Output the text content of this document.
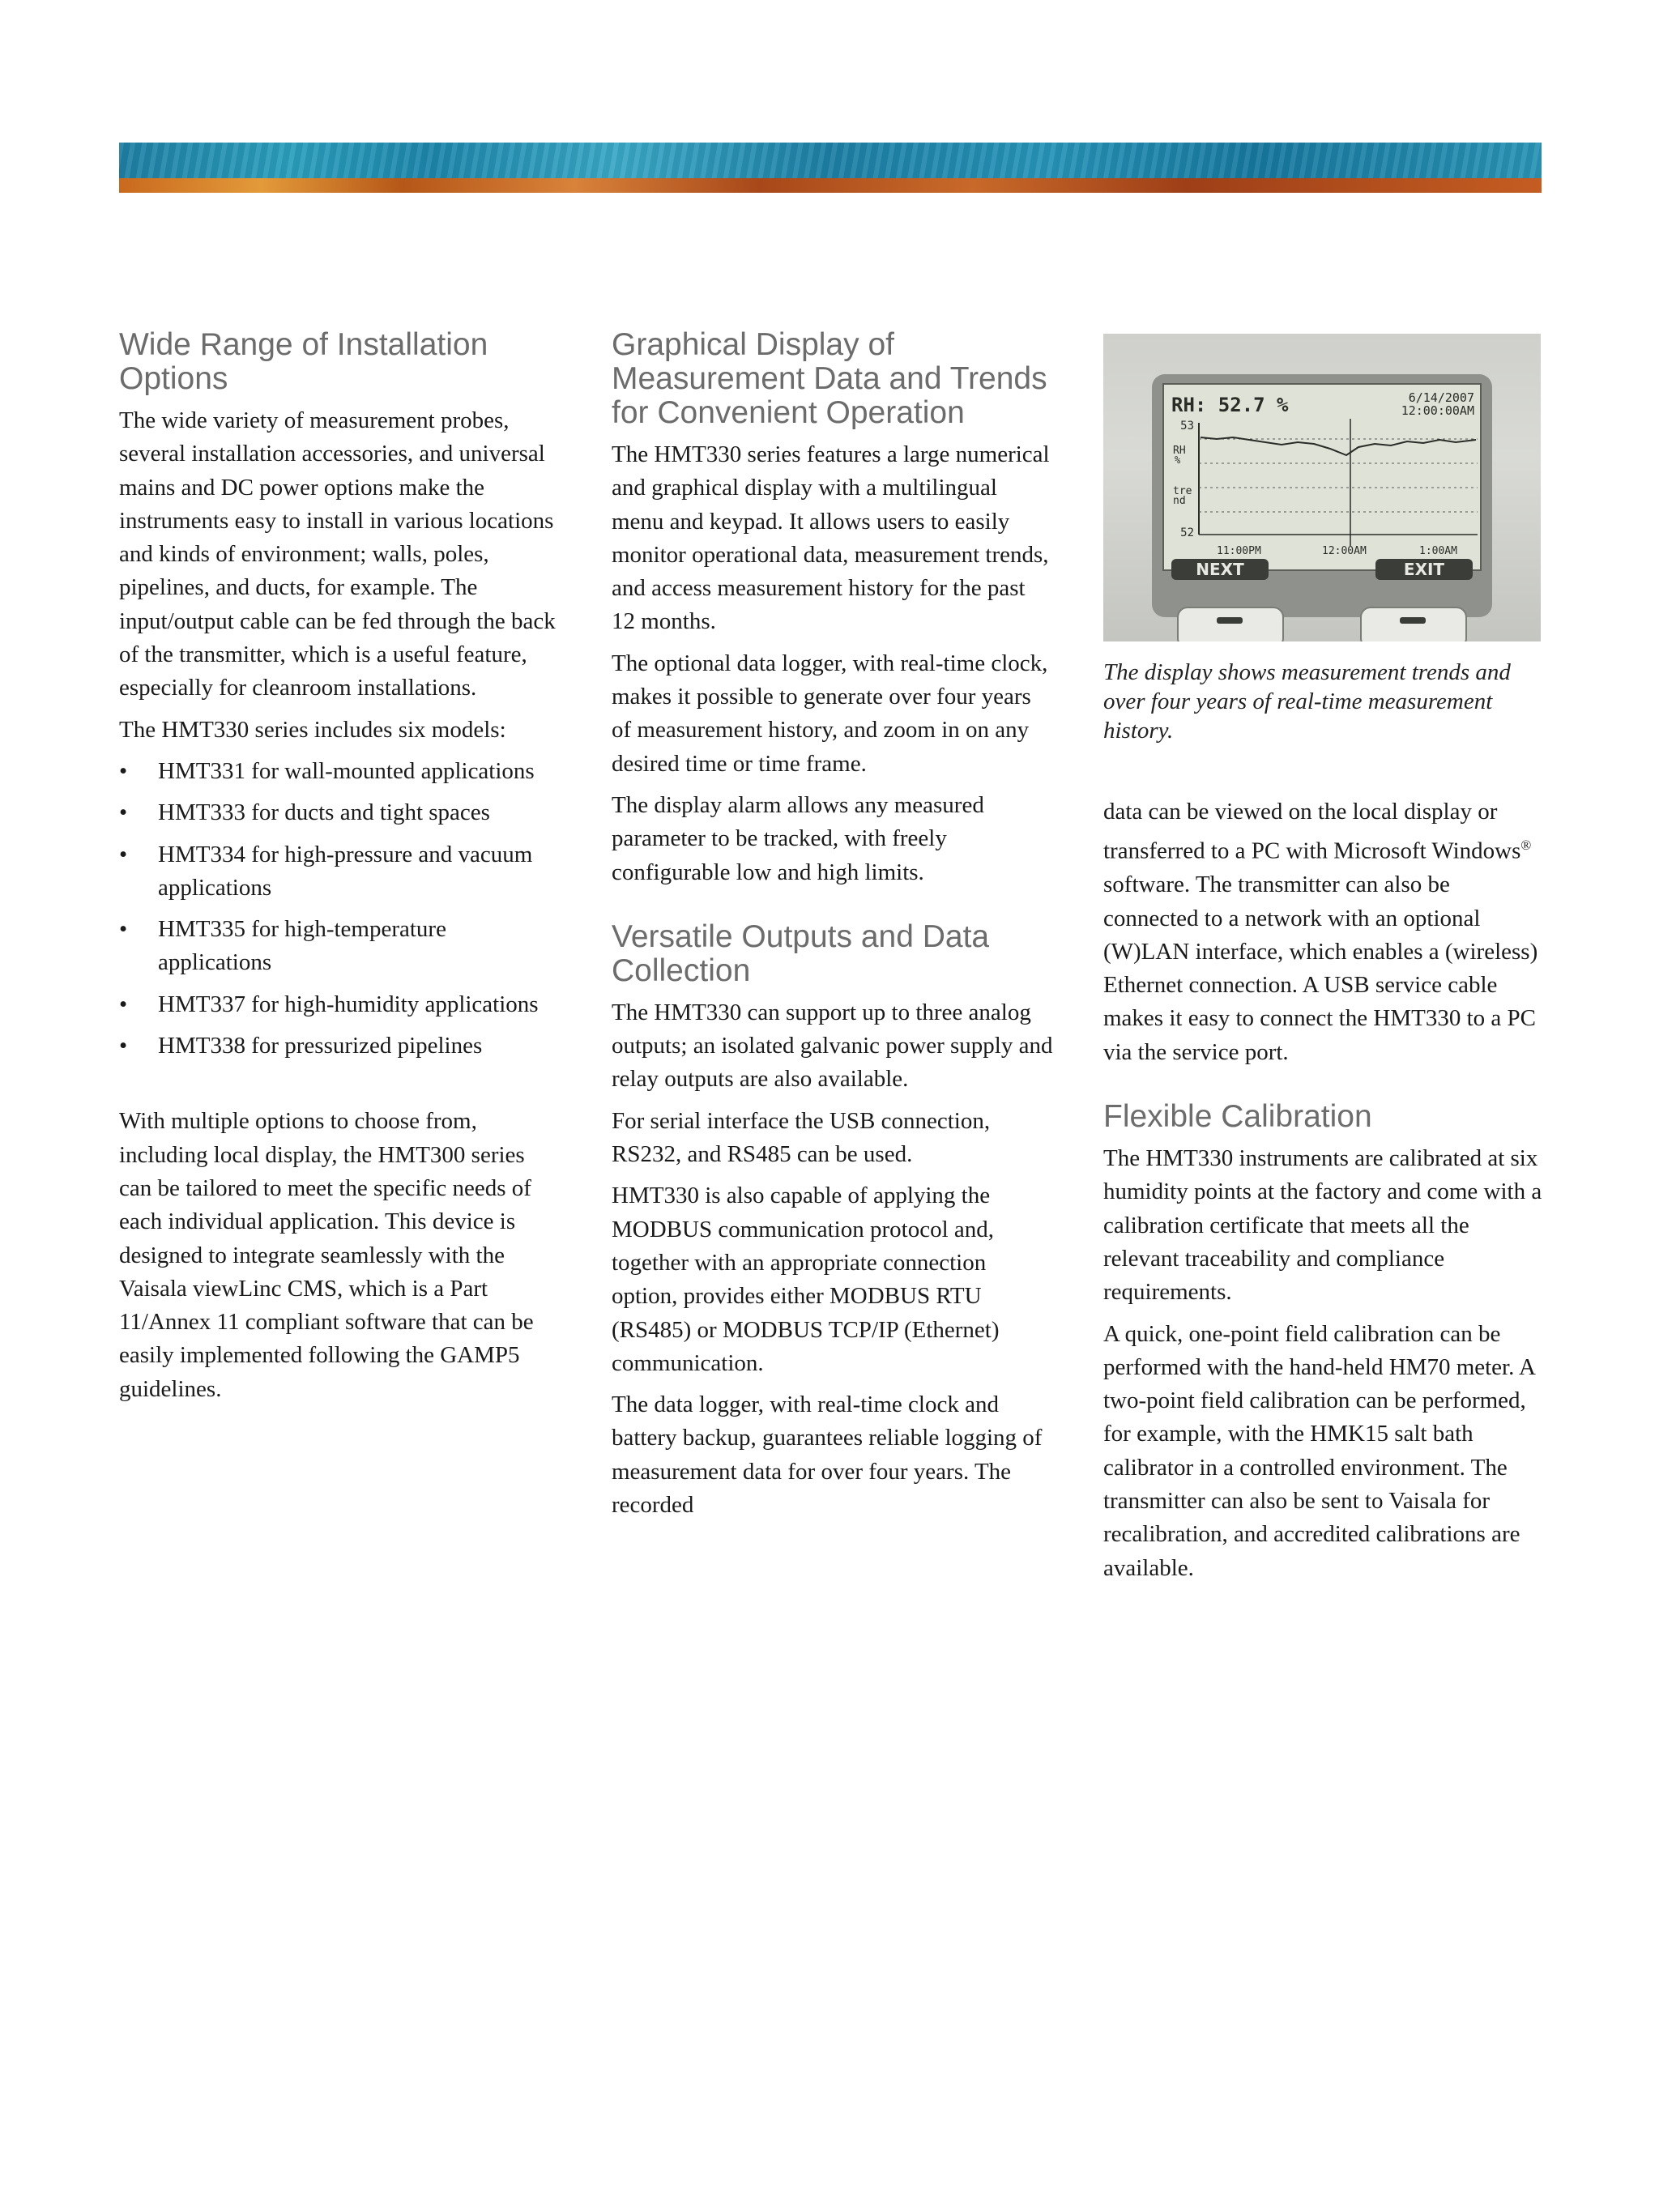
Wide Range of Installation Options

The wide variety of measurement probes, several installation accessories, and universal mains and DC power options make the instruments easy to install in various locations and kinds of environment; walls, poles, pipelines, and ducts, for example. The input/output cable can be fed through the back of the transmitter, which is a useful feature, especially for cleanroom installations.

The HMT330 series includes six models:

• HMT331 for wall-mounted applications
• HMT333 for ducts and tight spaces
• HMT334 for high-pressure and vacuum applications
• HMT335 for high-temperature applications
• HMT337 for high-humidity applications
• HMT338 for pressurized pipelines

With multiple options to choose from, including local display, the HMT300 series can be tailored to meet the specific needs of each individual application. This device is designed to integrate seamlessly with the Vaisala viewLinc CMS, which is a Part 11/Annex 11 compliant software that can be easily implemented following the GAMP5 guidelines.

Graphical Display of Measurement Data and Trends for Convenient Operation

The HMT330 series features a large numerical and graphical display with a multilingual menu and keypad. It allows users to easily monitor operational data, measurement trends, and access measurement history for the past 12 months.

The optional data logger, with real-time clock, makes it possible to generate over four years of measurement history, and zoom in on any desired time or time frame.

The display alarm allows any measured parameter to be tracked, with freely configurable low and high limits.

Versatile Outputs and Data Collection

The HMT330 can support up to three analog outputs; an isolated galvanic power supply and relay outputs are also available.

For serial interface the USB connection, RS232, and RS485 can be used.

HMT330 is also capable of applying the MODBUS communication protocol and, together with an appropriate connection option, provides either MODBUS RTU (RS485) or MODBUS TCP/IP (Ethernet) communication.

The data logger, with real-time clock and battery backup, guarantees reliable logging of measurement data for over four years. The recorded

RH: 52.7 %	6/14/2007
12:00:00AM
53
52
RH
%
tre
nd
11:00PM	12:00AM	1:00AM
NEXT	EXIT

The display shows measurement trends and over four years of real-time measurement history.

data can be viewed on the local display or transferred to a PC with Microsoft Windows® software. The transmitter can also be connected to a network with an optional (W)LAN interface, which enables a (wireless) Ethernet connection. A USB service cable makes it easy to connect the HMT330 to a PC via the service port.

Flexible Calibration

The HMT330 instruments are calibrated at six humidity points at the factory and come with a calibration certificate that meets all the relevant traceability and compliance requirements.

A quick, one-point field calibration can be performed with the hand-held HM70 meter. A two-point field calibration can be performed, for example, with the HMK15 salt bath calibrator in a controlled environment. The transmitter can also be sent to Vaisala for recalibration, and accredited calibrations are available.
